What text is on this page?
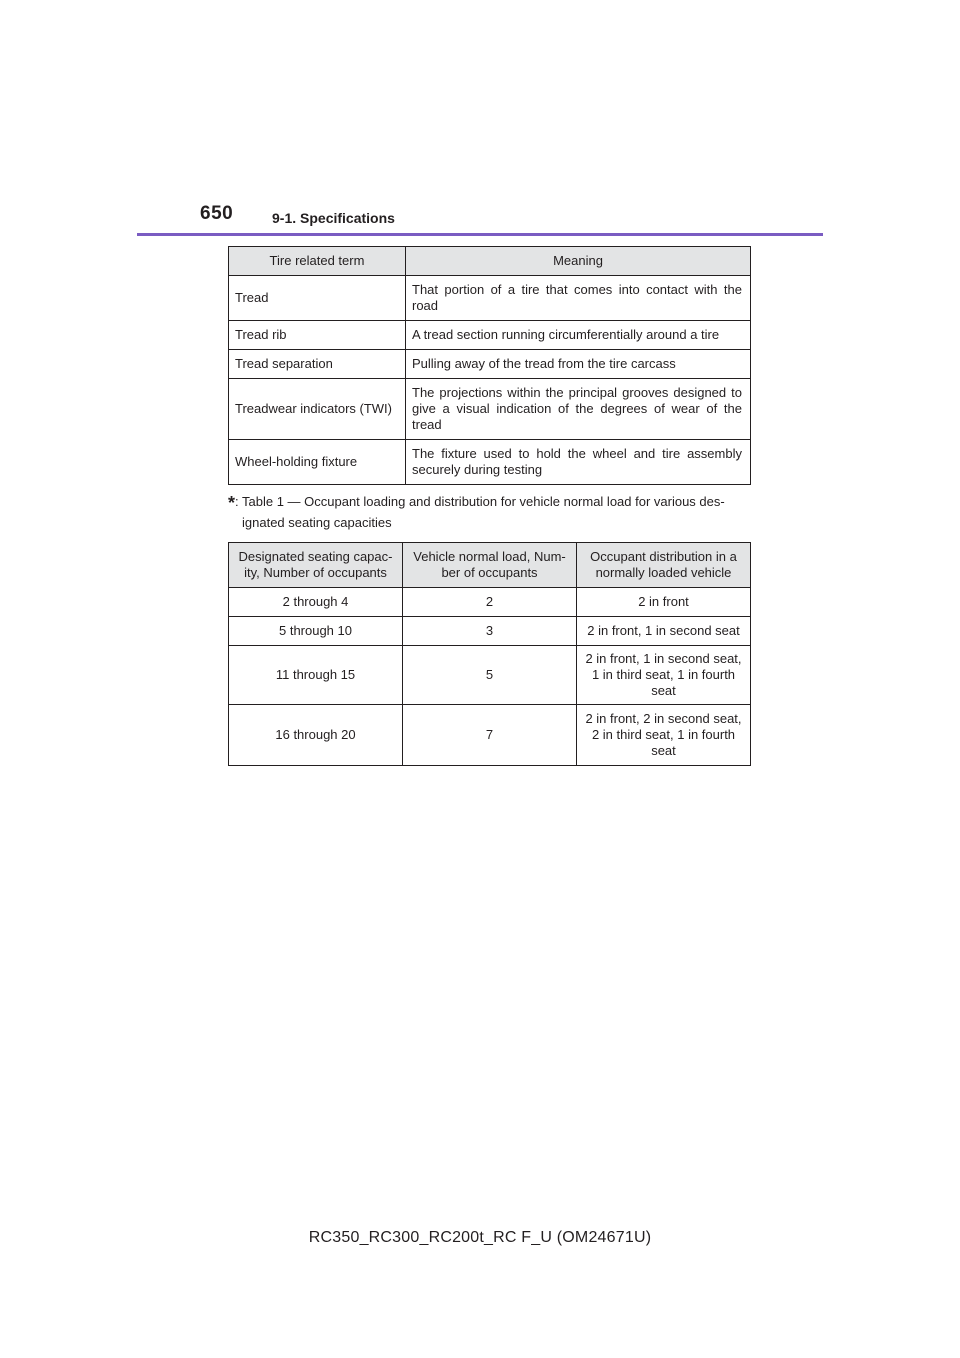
650	9-1. Specifications
Tire related term	Meaning

Tread	That portion of a tire that comes into contact with the road

Tread rib	A tread section running circumferentially around a tire

Tread separation	Pulling away of the tread from the tire carcass

Treadwear indicators (TWI)	The projections within the principal grooves designed to give a visual indication of the degrees of wear of the tread

Wheel-holding fixture	The fixture used to hold the wheel and tire assembly securely during testing
*: Table 1 — Occupant loading and distribution for vehicle normal load for various des-
ignated seating capacities
Designated seating capac-ity, Number of occupants	Vehicle normal load, Num-ber of occupants	Occupant distribution in a normally loaded vehicle
2 through 4	2	2 in front
5 through 10	3	2 in front, 1 in second seat
11 through 15	5	2 in front, 1 in second seat, 1 in third seat, 1 in fourth seat
16 through 20	7	2 in front, 2 in second seat, 2 in third seat, 1 in fourth seat
RC350_RC300_RC200t_RC F_U (OM24671U)
